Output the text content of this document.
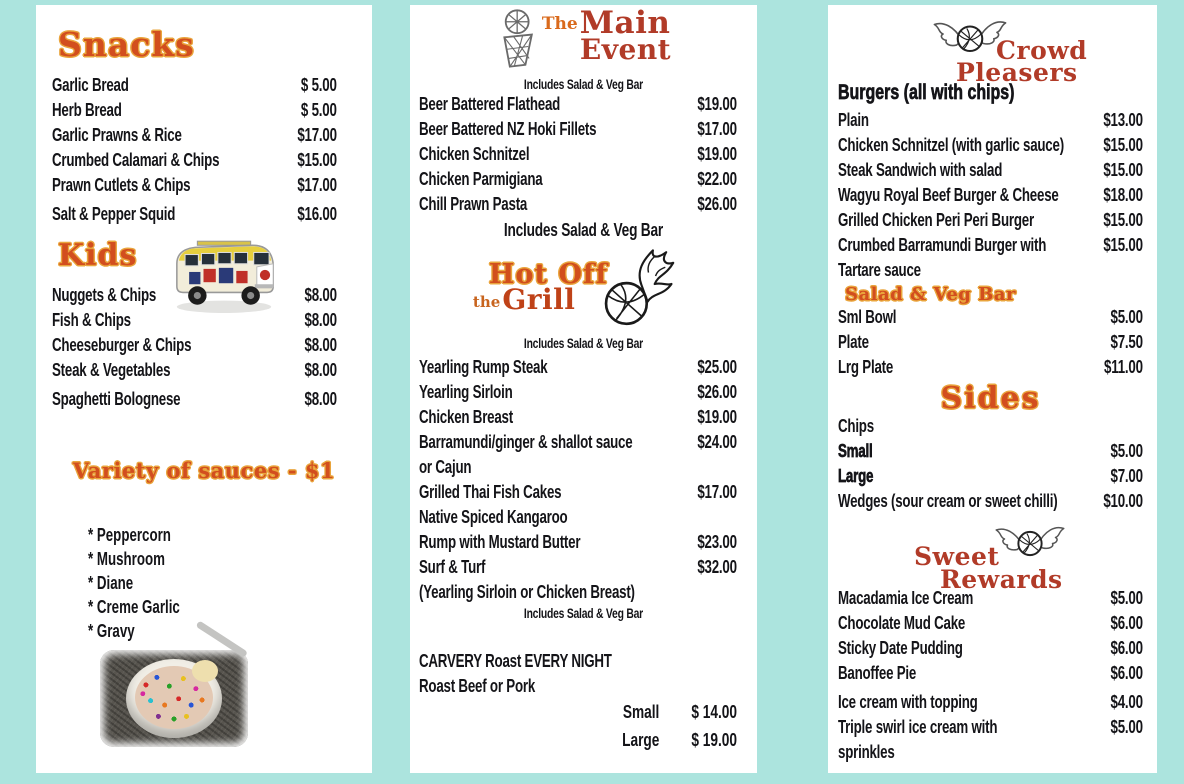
Snacks
Garlic Bread	$ 5.00
Herb Bread	$ 5.00
Garlic Prawns & Rice	$17.00
Crumbed Calamari & Chips	$15.00
Prawn Cutlets & Chips	$17.00
Salt & Pepper Squid	$16.00
Kids
Nuggets & Chips	$8.00
Fish & Chips	$8.00
Cheeseburger & Chips	$8.00
Steak & Vegetables	$8.00
Spaghetti Bolognese	$8.00
Variety of sauces - $1
* Peppercorn
* Mushroom
* Diane
* Creme Garlic
* Gravy
The Main
Event
Includes Salad & Veg Bar
Beer Battered Flathead	$19.00
Beer Battered NZ Hoki Fillets	$17.00
Chicken Schnitzel	$19.00
Chicken Parmigiana	$22.00
Chill Prawn Pasta	$26.00
Includes Salad & Veg Bar
Hot Off
the Grill
Includes Salad & Veg Bar
Yearling Rump Steak	$25.00
Yearling Sirloin	$26.00
Chicken Breast	$19.00
Barramundi/ginger & shallot sauce	$24.00
or Cajun
Grilled Thai Fish Cakes	$17.00
Native Spiced Kangaroo
Rump with Mustard Butter	$23.00
Surf & Turf	$32.00
(Yearling Sirloin or Chicken Breast)
Includes Salad & Veg Bar
CARVERY Roast EVERY NIGHT
Roast Beef or Pork
Small	$ 14.00
Large	$ 19.00
Crowd
Pleasers
Burgers (all with chips)
Plain	$13.00
Chicken Schnitzel (with garlic sauce) $15.00
Steak Sandwich with salad	$15.00
Wagyu Royal Beef Burger & Cheese $18.00
Grilled Chicken Peri Peri Burger	$15.00
Crumbed Barramundi Burger with	$15.00
Tartare sauce
Salad & Veg Bar
Sml Bowl	$5.00
Plate	$7.50
Lrg Plate	$11.00
Sides
Chips
Small	$5.00
Large	$7.00
Wedges (sour cream or sweet chilli) $10.00
Sweet
Rewards
Macadamia Ice Cream	$5.00
Chocolate Mud Cake	$6.00
Sticky Date Pudding	$6.00
Banoffee Pie	$6.00
Ice cream with topping	$4.00
Triple swirl ice cream with	$5.00
sprinkles
